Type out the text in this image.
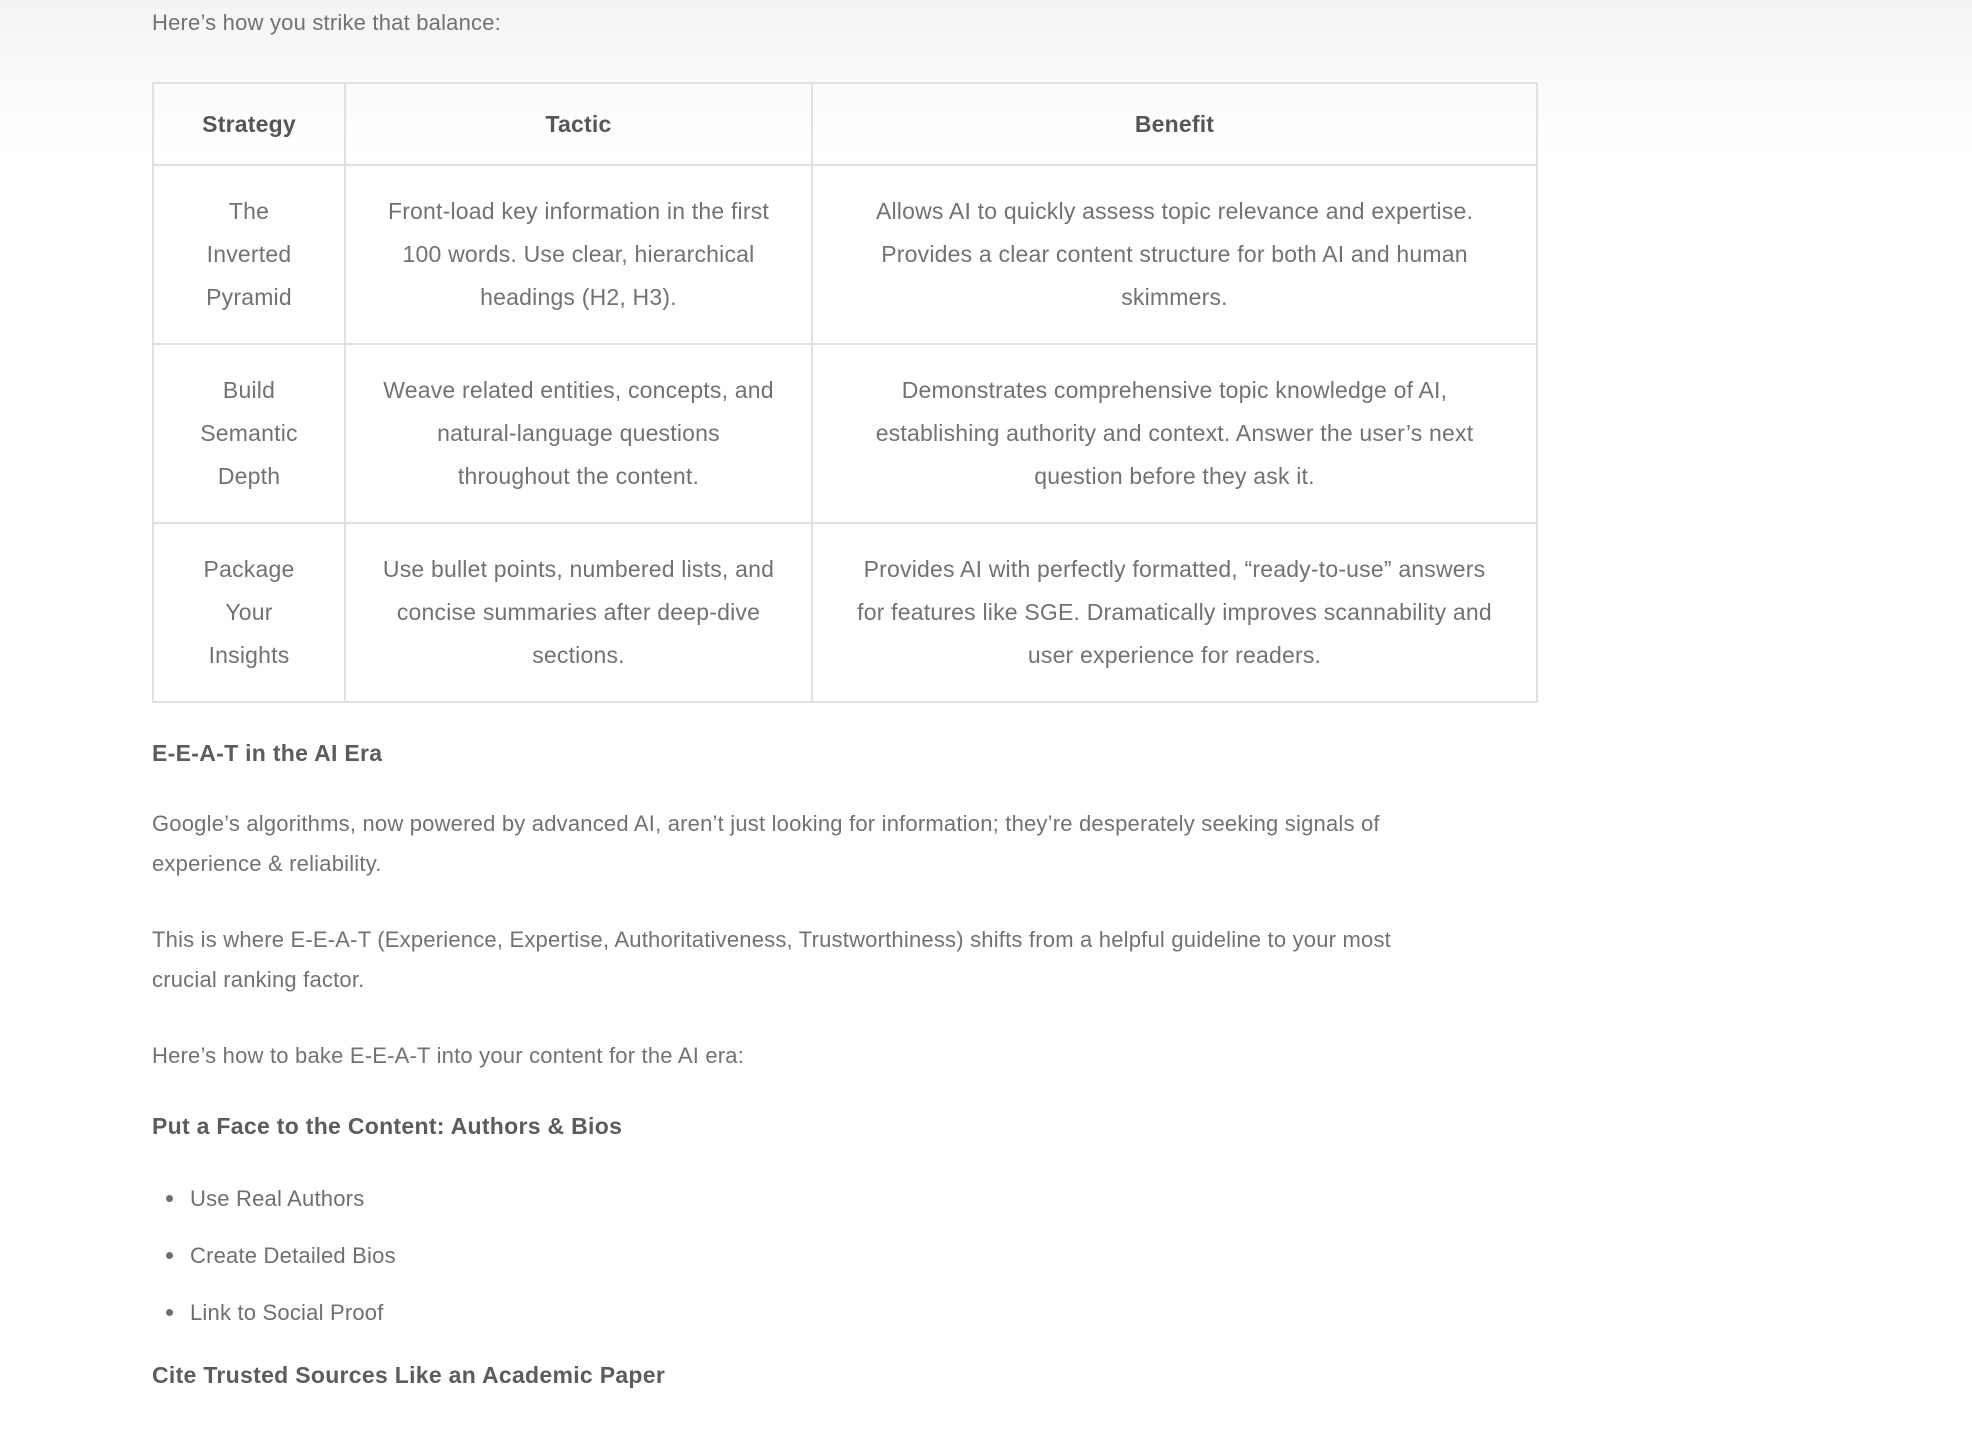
Here’s how you strike that balance:

Strategy	Tactic	Benefit
The Inverted Pyramid	Front-load key information in the first 100 words. Use clear, hierarchical headings (H2, H3).	Allows AI to quickly assess topic relevance and expertise. Provides a clear content structure for both AI and human skimmers.
Build Semantic Depth	Weave related entities, concepts, and natural-language questions throughout the content.	Demonstrates comprehensive topic knowledge of AI, establishing authority and context. Answer the user’s next question before they ask it.
Package Your Insights	Use bullet points, numbered lists, and concise summaries after deep-dive sections.	Provides AI with perfectly formatted, “ready-to-use” answers for features like SGE. Dramatically improves scannability and user experience for readers.
E-E-A-T in the AI Era

Google’s algorithms, now powered by advanced AI, aren’t just looking for information; they’re desperately seeking signals of experience & reliability.

This is where E-E-A-T (Experience, Expertise, Authoritativeness, Trustworthiness) shifts from a helpful guideline to your most crucial ranking factor.

Here’s how to bake E-E-A-T into your content for the AI era:

Put a Face to the Content: Authors & Bios
Use Real Authors
Create Detailed Bios
Link to Social Proof
Cite Trusted Sources Like an Academic Paper
